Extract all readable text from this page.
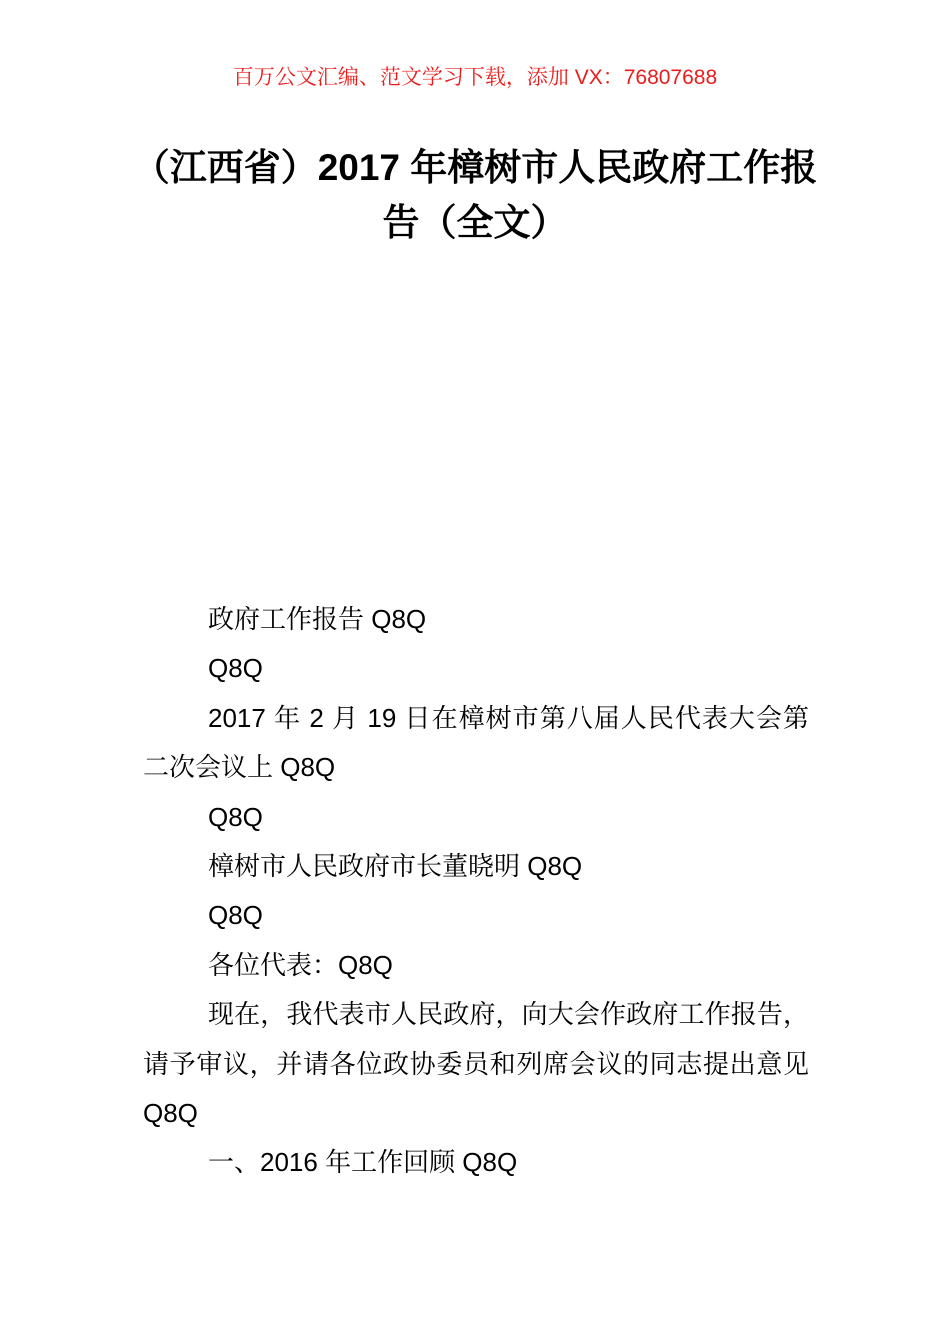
百万公文汇编、范文学习下载，添加 VX：76807688
（江西省）2017 年樟树市人民政府工作报
告（全文）

政府工作报告 Q8Q

Q8Q

2017 年 2 月 19 日在樟树市第八届人民代表大会第二次会议上 Q8Q

Q8Q

樟树市人民政府市长董晓明 Q8Q

Q8Q

各位代表：Q8Q

现在，我代表市人民政府，向大会作政府工作报告，请予审议，并请各位政协委员和列席会议的同志提出意见 Q8Q

一、2016 年工作回顾 Q8Q
